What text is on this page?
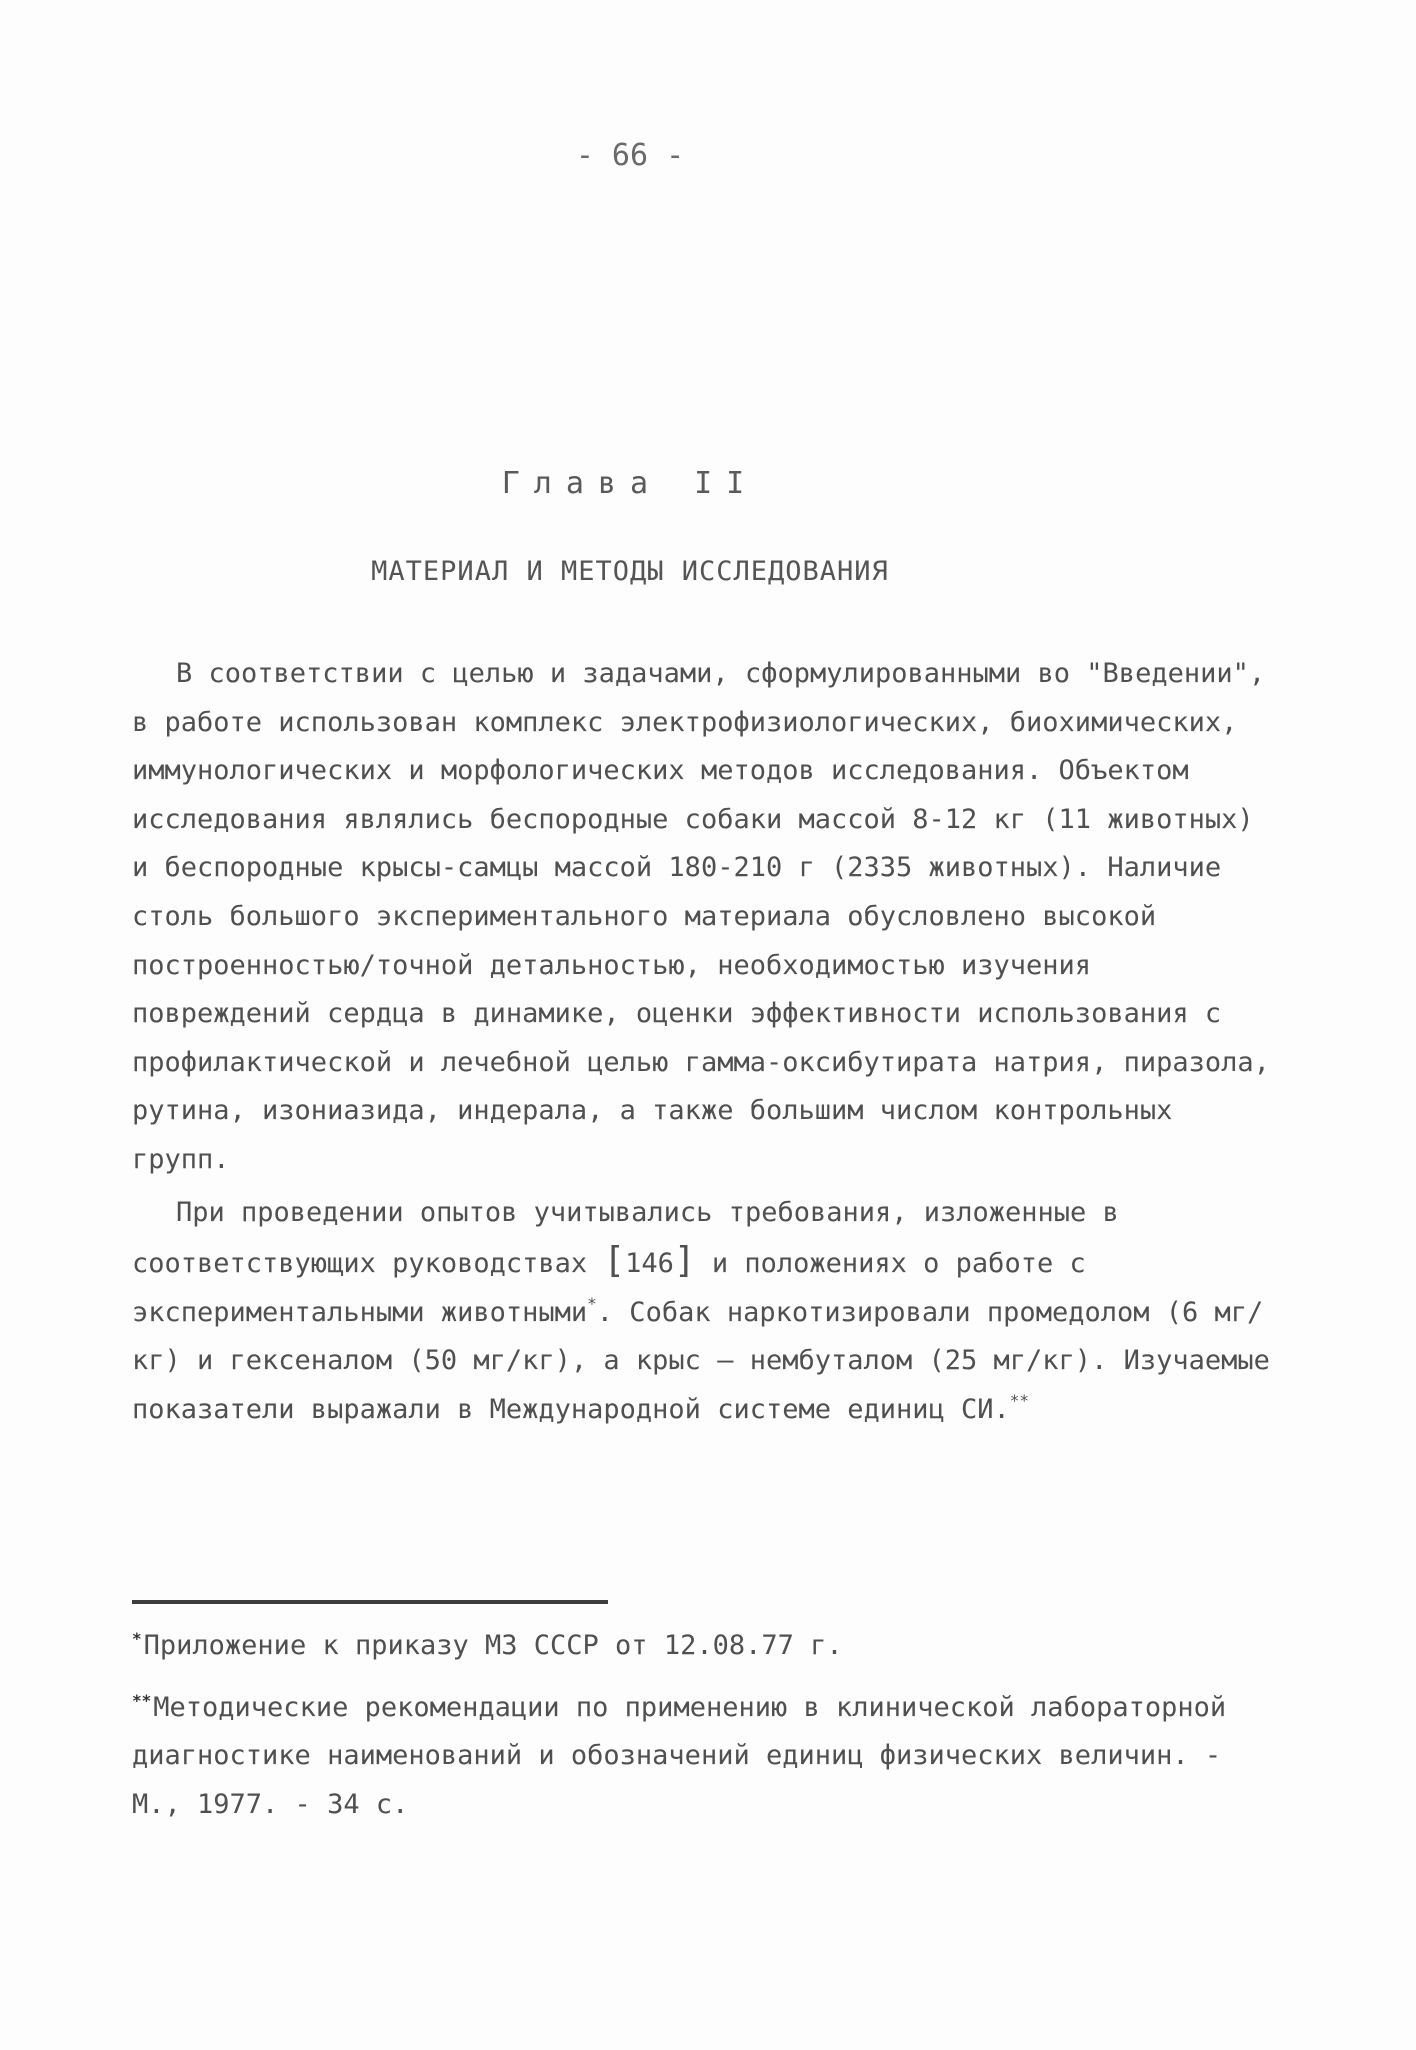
- 66 -
Глава II
МАТЕРИАЛ И МЕТОДЫ ИССЛЕДОВАНИЯ

В соответствии с целью и задачами, сформулированными во "Введении", в работе использован комплекс электрофизиологических, биохимических, иммунологических и морфологических методов исследования. Объектом исследования являлись беспородные собаки массой 8-12 кг (11 животных) и беспородные крысы-самцы массой 180-210 г (2335 животных). Наличие столь большого экспериментального материала обусловлено высокой построенностью/точной детальностью, необходимостью изучения повреждений сердца в динамике, оценки эффективности использования с профилактической и лечебной целью гамма-оксибутирата натрия, пиразола, рутина, изониазида, индерала, а также большим числом контрольных групп.

При проведении опытов учитывались требования, изложенные в соответствующих руководствах [146] и положениях о работе с экспериментальными животными*. Собак наркотизировали промедолом (6 мг/кг) и гексеналом (50 мг/кг), а крыс — нембуталом (25 мг/кг). Изучаемые показатели выражали в Международной системе единиц СИ.**

*Приложение к приказу МЗ СССР от 12.08.77 г.

**Методические рекомендации по применению в клинической лабораторной диагностике наименований и обозначений единиц физических величин. - М., 1977. - 34 с.
